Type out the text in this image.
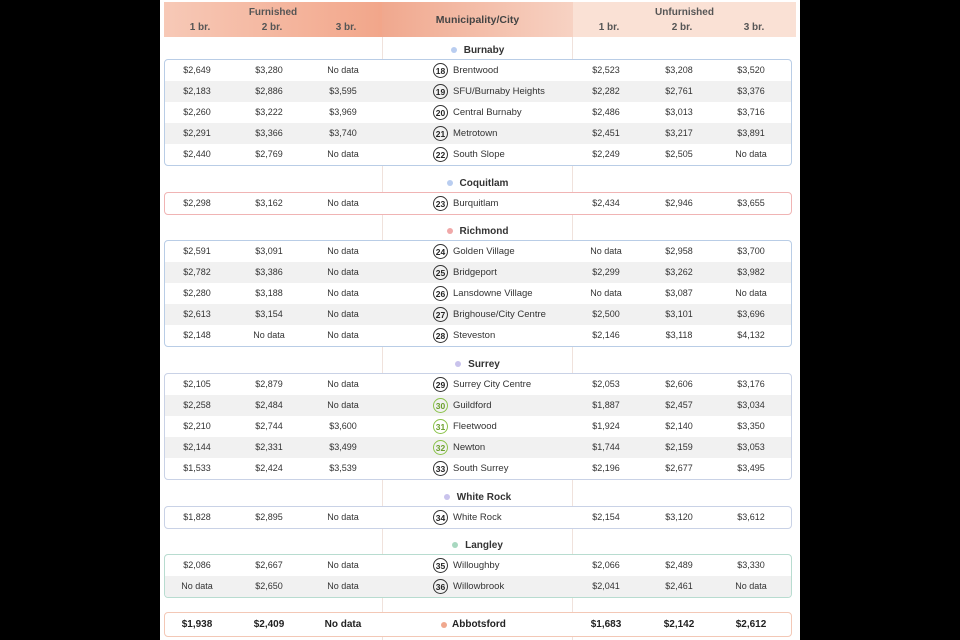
Furnished
1 br.	2 br.	3 br.
Municipality/City
Unfurnished
1 br.	2 br.	3 br.
Burnaby
$2,649	$3,280	No data	18 Brentwood	$2,523	$3,208	$3,520
$2,183	$2,886	$3,595	19 SFU/Burnaby Heights	$2,282	$2,761	$3,376
$2,260	$3,222	$3,969	20 Central Burnaby	$2,486	$3,013	$3,716
$2,291	$3,366	$3,740	21 Metrotown	$2,451	$3,217	$3,891
$2,440	$2,769	No data	22 South Slope	$2,249	$2,505	No data
Coquitlam
$2,298	$3,162	No data	23 Burquitlam	$2,434	$2,946	$3,655
Richmond
$2,591	$3,091	No data	24 Golden Village	No data	$2,958	$3,700
$2,782	$3,386	No data	25 Bridgeport	$2,299	$3,262	$3,982
$2,280	$3,188	No data	26 Lansdowne Village	No data	$3,087	No data
$2,613	$3,154	No data	27 Brighouse/City Centre	$2,500	$3,101	$3,696
$2,148	No data	No data	28 Steveston	$2,146	$3,118	$4,132
Surrey
$2,105	$2,879	No data	29 Surrey City Centre	$2,053	$2,606	$3,176
$2,258	$2,484	No data	30 Guildford	$1,887	$2,457	$3,034
$2,210	$2,744	$3,600	31 Fleetwood	$1,924	$2,140	$3,350
$2,144	$2,331	$3,499	32 Newton	$1,744	$2,159	$3,053
$1,533	$2,424	$3,539	33 South Surrey	$2,196	$2,677	$3,495
White Rock
$1,828	$2,895	No data	34 White Rock	$2,154	$3,120	$3,612
Langley
$2,086	$2,667	No data	35 Willoughby	$2,066	$2,489	$3,330
No data	$2,650	No data	36 Willowbrook	$2,041	$2,461	No data
$1,938	$2,409	No data	Abbotsford	$1,683	$2,142	$2,612
